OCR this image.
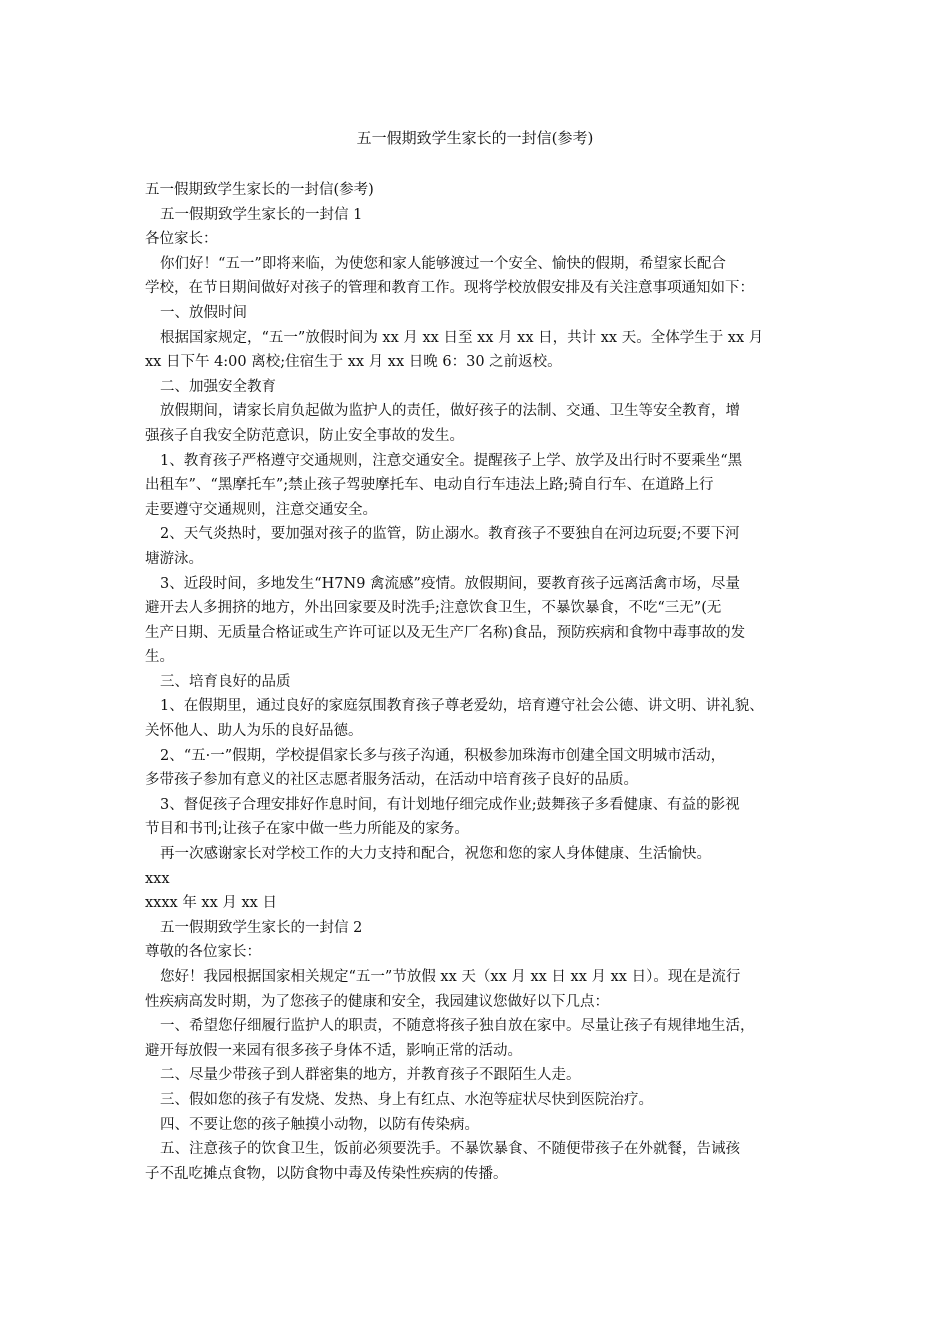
五一假期致学生家长的一封信(参考)
五一假期致学生家长的一封信(参考)
五一假期致学生家长的一封信 1
各位家长：
你们好！“五一”即将来临，为使您和家人能够渡过一个安全、愉快的假期，希望家长配合
学校，在节日期间做好对孩子的管理和教育工作。现将学校放假安排及有关注意事项通知如下：
一、放假时间
根据国家规定，“五一”放假时间为 xx 月 xx 日至 xx 月 xx 日，共计 xx 天。全体学生于 xx 月
xx 日下午 4:00 离校;住宿生于 xx 月 xx 日晚 6：30 之前返校。
二、加强安全教育
放假期间，请家长肩负起做为监护人的责任，做好孩子的法制、交通、卫生等安全教育，增
强孩子自我安全防范意识，防止安全事故的发生。
1、教育孩子严格遵守交通规则，注意交通安全。提醒孩子上学、放学及出行时不要乘坐“黑
出租车”、“黑摩托车”;禁止孩子驾驶摩托车、电动自行车违法上路;骑自行车、在道路上行
走要遵守交通规则，注意交通安全。
2、天气炎热时，要加强对孩子的监管，防止溺水。教育孩子不要独自在河边玩耍;不要下河
塘游泳。
3、近段时间，多地发生“H7N9 禽流感”疫情。放假期间，要教育孩子远离活禽市场，尽量
避开去人多拥挤的地方，外出回家要及时洗手;注意饮食卫生，不暴饮暴食，不吃“三无”(无
生产日期、无质量合格证或生产许可证以及无生产厂名称)食品，预防疾病和食物中毒事故的发
生。
三、培育良好的品质
1、在假期里，通过良好的家庭氛围教育孩子尊老爱幼，培育遵守社会公德、讲文明、讲礼貌、
关怀他人、助人为乐的良好品德。
2、“五·一”假期，学校提倡家长多与孩子沟通，积极参加珠海市创建全国文明城市活动，
多带孩子参加有意义的社区志愿者服务活动，在活动中培育孩子良好的品质。
3、督促孩子合理安排好作息时间，有计划地仔细完成作业;鼓舞孩子多看健康、有益的影视
节目和书刊;让孩子在家中做一些力所能及的家务。
再一次感谢家长对学校工作的大力支持和配合，祝您和您的家人身体健康、生活愉快。
xxx
xxxx 年 xx 月 xx 日
五一假期致学生家长的一封信 2
尊敬的各位家长：
您好！我园根据国家相关规定“五一”节放假 xx 天（xx 月 xx 日 xx 月 xx 日）。现在是流行
性疾病高发时期，为了您孩子的健康和安全，我园建议您做好以下几点：
一、希望您仔细履行监护人的职责，不随意将孩子独自放在家中。尽量让孩子有规律地生活，
避开每放假一来园有很多孩子身体不适，影响正常的活动。
二、尽量少带孩子到人群密集的地方，并教育孩子不跟陌生人走。
三、假如您的孩子有发烧、发热、身上有红点、水泡等症状尽快到医院治疗。
四、不要让您的孩子触摸小动物，以防有传染病。
五、注意孩子的饮食卫生，饭前必须要洗手。不暴饮暴食、不随便带孩子在外就餐，告诫孩
子不乱吃摊点食物，以防食物中毒及传染性疾病的传播。
